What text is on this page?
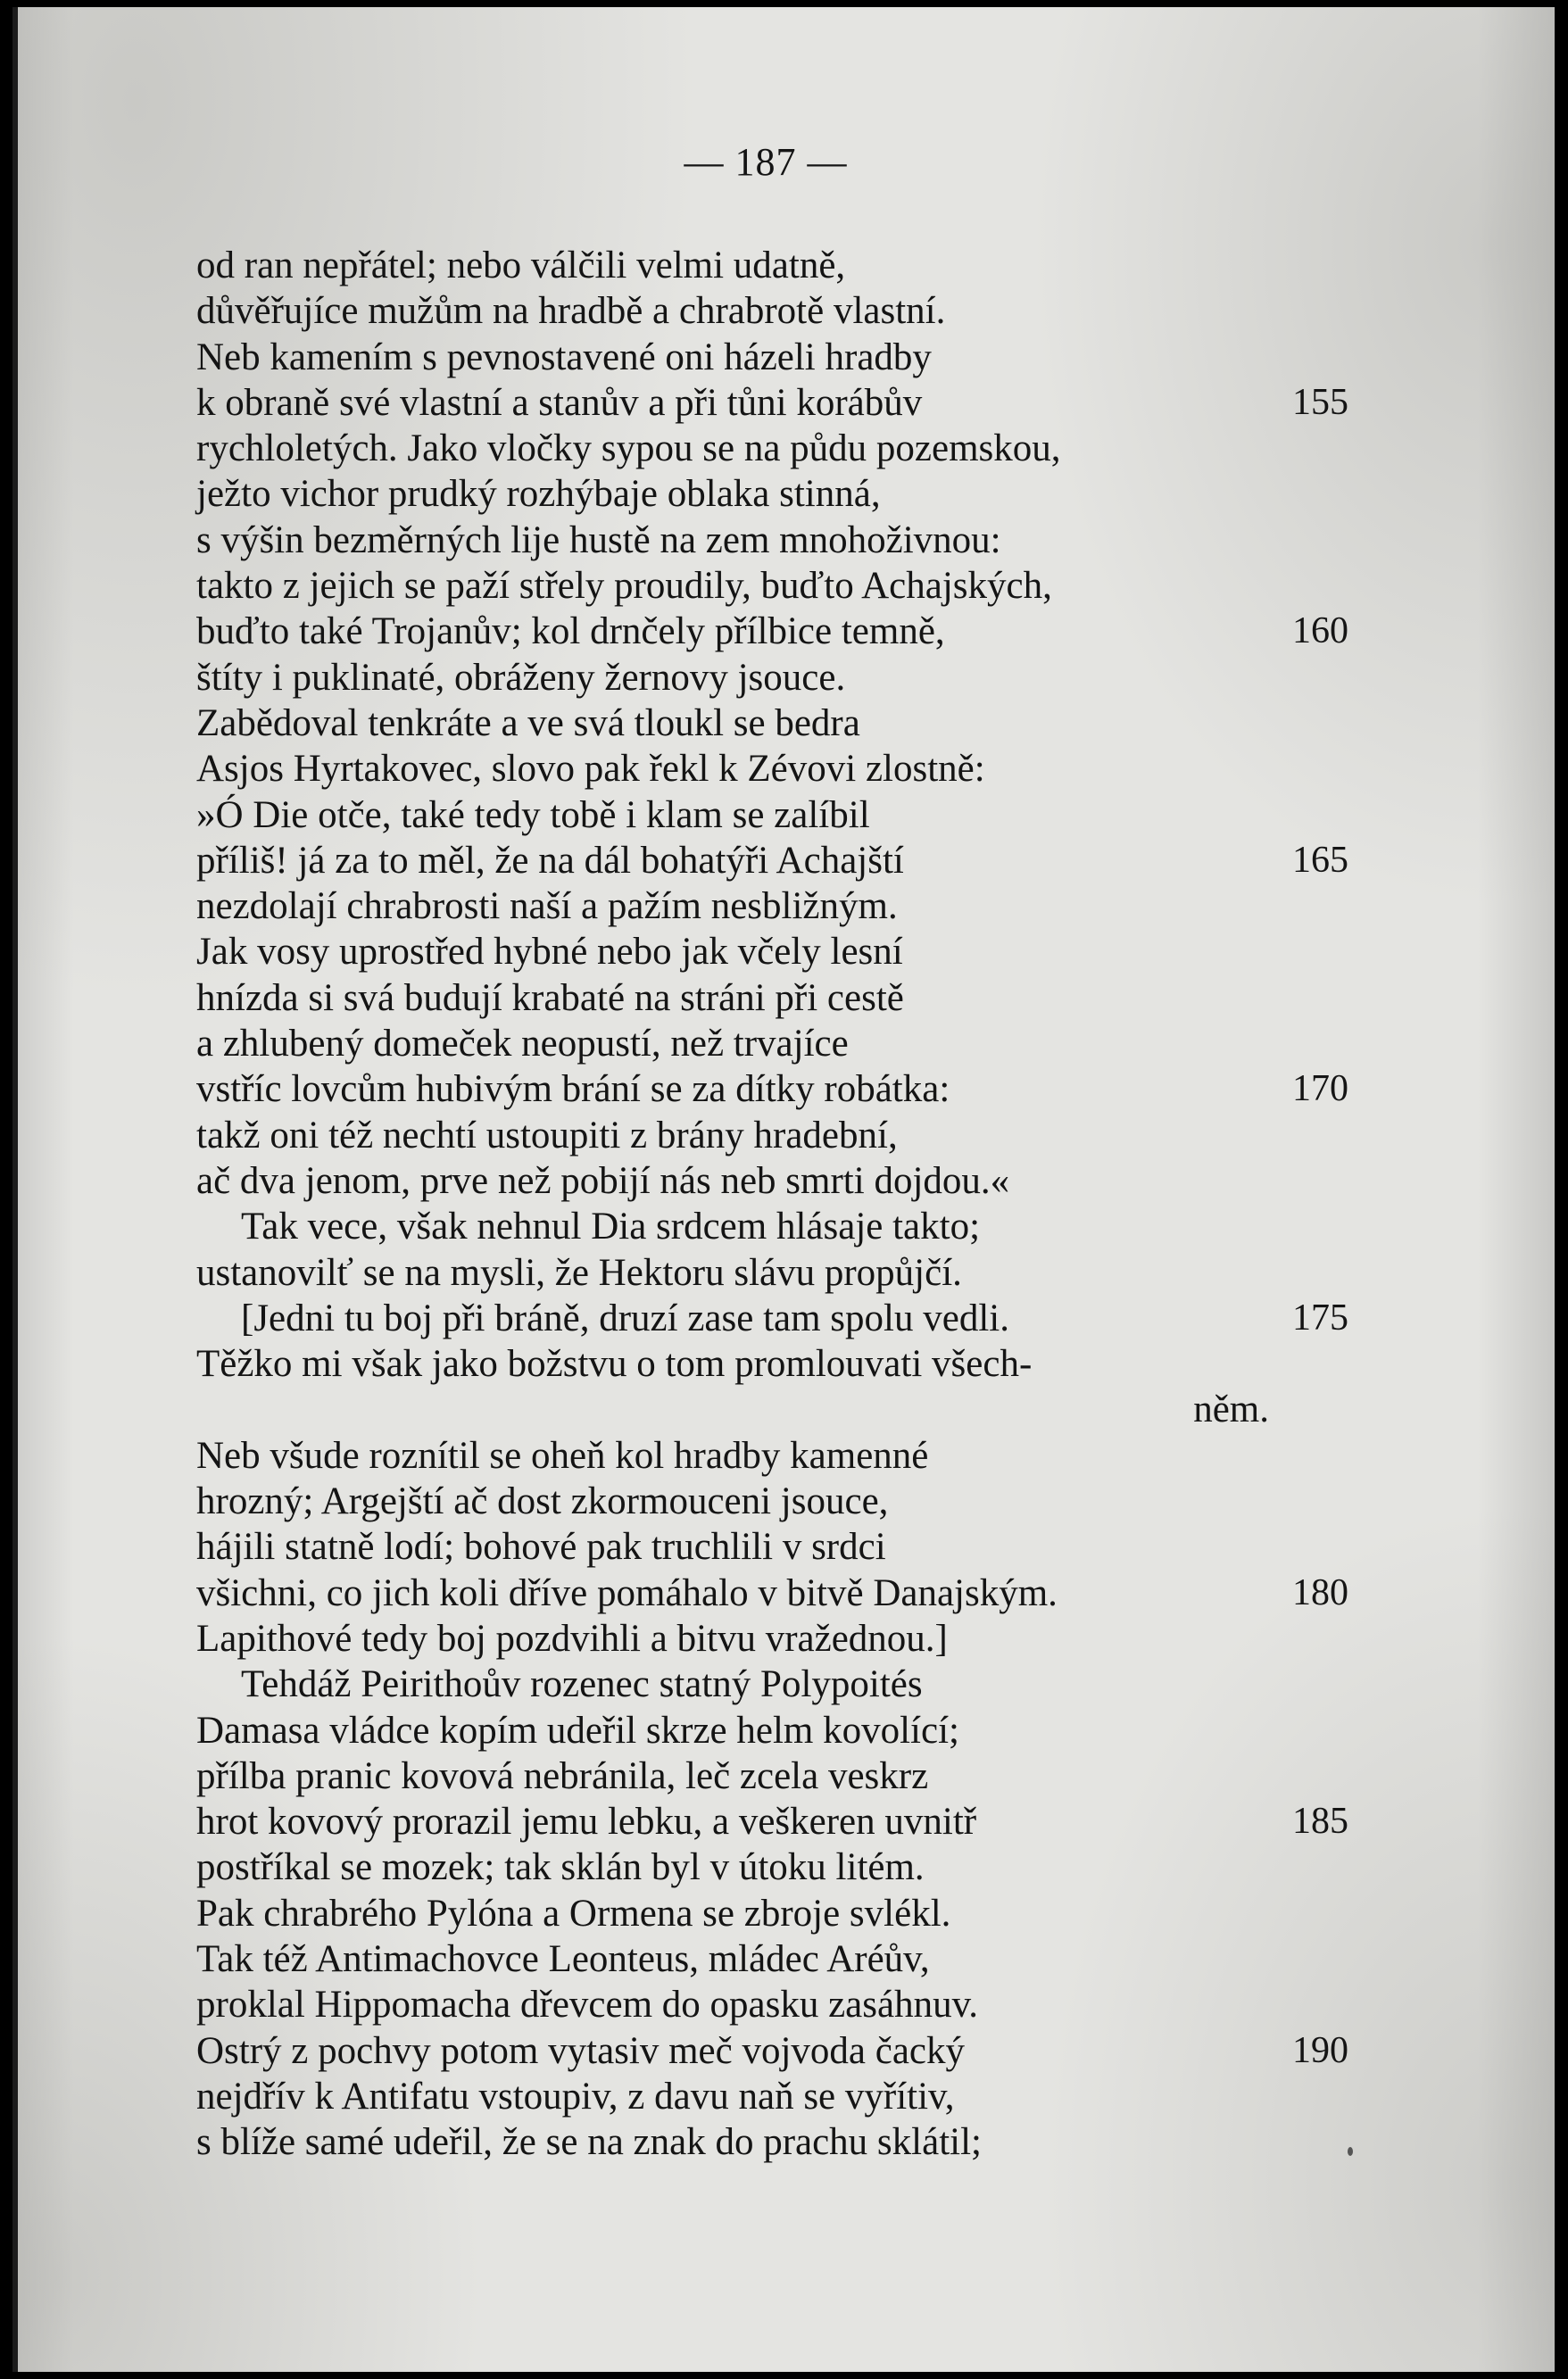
— 187 —
od ran nepřátel; nebo válčili velmi udatně,
důvěřujíce mužům na hradbě a chrabrotě vlastní.
Neb kamením s pevnostavené oni házeli hradby
k obraně své vlastní a stanův a při tůni korábův	155
rychloletých. Jako vločky sypou se na půdu pozemskou,
ježto vichor prudký rozhýbaje oblaka stinná,
s výšin bezměrných lije hustě na zem mnohoživnou:
takto z jejich se paží střely proudily, buďto Achajských,
buďto také Trojanův; kol drnčely přílbice temně,	160
štíty i puklinaté, obráženy žernovy jsouce.
Zabědoval tenkráte a ve svá tloukl se bedra
Asjos Hyrtakovec, slovo pak řekl k Zévovi zlostně:
»Ó Die otče, také tedy tobě i klam se zalíbil
příliš! já za to měl, že na dál bohatýři Achajští	165
nezdolají chrabrosti naší a pažím nesbližným.
Jak vosy uprostřed hybné nebo jak včely lesní
hnízda si svá budují krabaté na stráni při cestě
a zhlubený domeček neopustí, než trvajíce
vstříc lovcům hubivým brání se za dítky robátka:	170
takž oni též nechtí ustoupiti z brány hradební,
ač dva jenom, prve než pobijí nás neb smrti dojdou.«
Tak vece, však nehnul Dia srdcem hlásaje takto;
ustanovilť se na mysli, že Hektoru slávu propůjčí.
[Jedni tu boj při bráně, druzí zase tam spolu vedli.	175
Těžko mi však jako božstvu o tom promlouvati všech-
něm.
Neb všude roznítil se oheň kol hradby kamenné
hrozný; Argejští ač dost zkormouceni jsouce,
hájili statně lodí; bohové pak truchlili v srdci
všichni, co jich koli dříve pomáhalo v bitvě Danajským.	180
Lapithové tedy boj pozdvihli a bitvu vražednou.]
Tehdáž Peirithoův rozenec statný Polypoités
Damasa vládce kopím udeřil skrze helm kovolící;
přílba pranic kovová nebránila, leč zcela veskrz
hrot kovový prorazil jemu lebku, a veškeren uvnitř	185
postříkal se mozek; tak sklán byl v útoku litém.
Pak chrabrého Pylóna a Ormena se zbroje svlékl.
Tak též Antimachovce Leonteus, mládec Aréův,
proklal Hippomacha dřevcem do opasku zasáhnuv.
Ostrý z pochvy potom vytasiv meč vojvoda čacký	190
nejdřív k Antifatu vstoupiv, z davu naň se vyřítiv,
s blíže samé udeřil, že se na znak do prachu sklátil;
